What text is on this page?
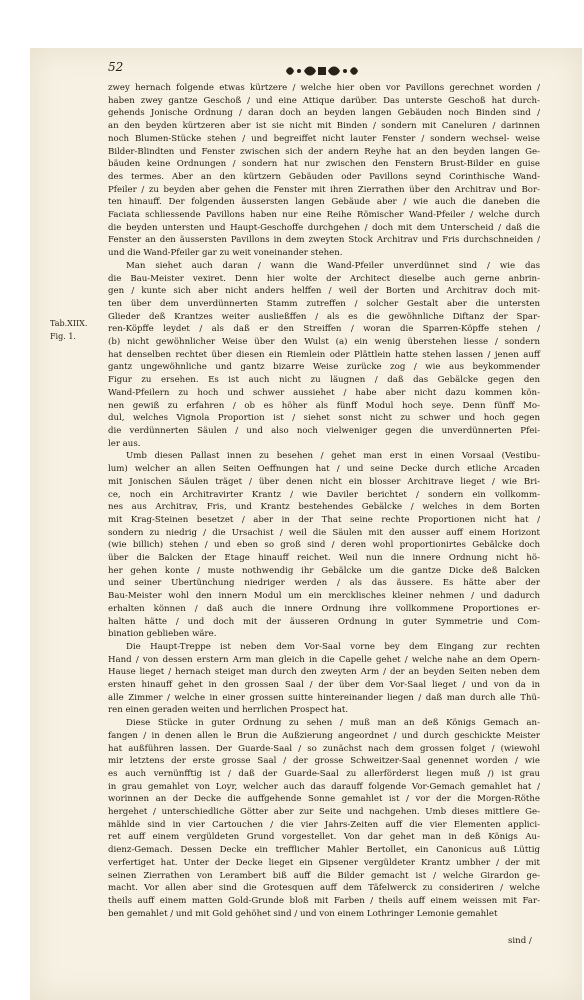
52
Tab.XIIX.
Fig. 1.

zwey hernach folgende etwas kürtzere / welche hier oben vor Pavillons gerechnet worden /

haben zwey gantze Geschoß / und eine Attique darüber. Das unterste Geschoß hat durch-

gehends Jonische Ordnung / daran doch an beyden langen Gebäuden noch Binden sind /

an den beyden kürtzeren aber ist sie nicht mit Binden / sondern mit Caneluren / darinnen

noch Blumen-Stücke stehen / und begreiffet nicht lauter Fenster / sondern wechsel- weise

Bilder-Blindten und Fenster zwischen sich der andern Reyhe hat an den beyden langen Ge-

bäuden keine Ordnungen / sondern hat nur zwischen den Fenstern Brust-Bilder en guise

des termes. Aber an den kürtzern Gebäuden oder Pavillons seynd Corinthische Wand-

Pfeiler / zu beyden aber gehen die Fenster mit ihren Zierrathen über den Architrav und Bor-

ten hinauff. Der folgenden äussersten langen Gebäude aber / wie auch die daneben die

Faciata schliessende Pavillons haben nur eine Reihe Römischer Wand-Pfeiler / welche durch

die beyden untersten und Haupt-Geschoffe durchgehen / doch mit dem Unterscheid / daß die

Fenster an den äussersten Pavillons in dem zweyten Stock Architrav und Fris durchschneiden /

und die Wand-Pfeiler gar zu weit voneinander stehen.

Man siehet auch daran / wann die Wand-Pfeiler unverdünnet sind / wie das

die Bau-Meister vexiret. Denn hier wolte der Architect dieselbe auch gerne anbrin-

gen / kunte sich aber nicht anders helffen / weil der Borten und Architrav doch mit-

ten über dem unverdünnerten Stamm zutreffen / solcher Gestalt aber die untersten

Glieder deß Krantzes weiter ausließffen / als es die gewöhnliche Diftanz der Spar-

ren-Köpffe leydet / als daß er den Streiffen / woran die Sparren-Köpffe stehen /

(b) nicht gewöhnlicher Weise über den Wulst (a) ein wenig überstehen liesse / sondern

hat denselben rechtet über diesen ein Riemlein oder Plättlein hatte stehen lassen / jenen auff

gantz ungewöhnliche und gantz bizarre Weise zurücke zog / wie aus beykommender

Figur zu ersehen. Es ist auch nicht zu läugnen / daß das Gebälcke gegen den

Wand-Pfeilern zu hoch und schwer aussiehet / habe aber nicht dazu kommen kön-

nen gewiß zu erfahren / ob es höher als fünff Modul hoch seye. Denn fünff Mo-

dul, welches Vignola Proportion ist / siehet sonst nicht zu schwer und hoch gegen

die verdünnerten Säulen / und also noch vielweniger gegen die unverdünnerten Pfei-

ler aus.

Umb diesen Pallast innen zu besehen / gehet man erst in einen Vorsaal (Vestibu-

lum) welcher an allen Seiten Oeffnungen hat / und seine Decke durch etliche Arcaden

mit Jonischen Säulen träget / über denen nicht ein blosser Architrave lieget / wie Bri-

ce, noch ein Architravirter Krantz / wie Daviler berichtet / sondern ein vollkomm-

nes aus Architrav, Fris, und Krantz bestehendes Gebälcke / welches in dem Borten

mit Krag-Steinen besetzet / aber in der That seine rechte Proportionen nicht hat /

sondern zu niedrig / die Ursachist / weil die Säulen mit den ausser auff einem Horizont

(wie billich) stehen / und eben so groß sind / deren wohl proportionirtes Gebälcke doch

über die Balcken der Etage hinauff reichet. Weil nun die innere Ordnung nicht hö-

her gehen konte / muste nothwendig ihr Gebälcke um die gantze Dicke deß Balcken

und seiner Ubertünchung niedriger werden / als das äussere. Es hätte aber der

Bau-Meister wohl den innern Modul um ein mercklisches kleiner nehmen / und dadurch

erhalten können / daß auch die innere Ordnung ihre vollkommene Proportiones er-

halten hätte / und doch mit der äusseren Ordnung in guter Symmetrie und Com-

bination geblieben wäre.

Die Haupt-Treppe ist neben dem Vor-Saal vorne bey dem Eingang zur rechten

Hand / von dessen erstern Arm man gleich in die Capelle gehet / welche nahe an dem Opern-

Hause lieget / hernach steiget man durch den zweyten Arm / der an beyden Seiten neben dem

ersten hinauff gehet in den grossen Saal / der über dem Vor-Saal lieget / und von da in

alle Zimmer / welche in einer grossen suitte hintereinander liegen / daß man durch alle Thü-

ren einen geraden weiten und herrlichen Prospect hat.

Diese Stücke in guter Ordnung zu sehen / muß man an deß Königs Gemach an-

fangen / in denen allen le Brun die Außzierung angeordnet / und durch geschickte Meister

hat außführen lassen. Der Guarde-Saal / so zunächst nach dem grossen folget / (wiewohl

mir letztens der erste grosse Saal / der grosse Schweitzer-Saal genennet worden / wie

es auch vernünfftig ist / daß der Guarde-Saal zu allerförderst liegen muß /) ist grau

in grau gemahlet von Loyr, welcher auch das darauff folgende Vor-Gemach gemahlet hat /

worinnen an der Decke die auffgehende Sonne gemahlet ist / vor der die Morgen-Röthe

hergehet / unterschiedliche Götter aber zur Seite und nachgehen. Umb dieses mittlere Ge-

mählde sind in vier Cartouchen / die vier Jahrs-Zeiten auff die vier Elementen applici-

ret auff einem vergüldeten Grund vorgestellet. Von dar gehet man in deß Königs Au-

dienz-Gemach. Dessen Decke ein trefflicher Mahler Bertollet, ein Canonicus auß Lüttig

verfertiget hat. Unter der Decke lieget ein Gipsener vergüldeter Krantz umbher / der mit

seinen Zierrathen von Lerambert biß auff die Bilder gemacht ist / welche Girardon ge-

macht. Vor allen aber sind die Grotesquen auff dem Täfelwerck zu consideriren / welche

theils auff einem matten Gold-Grunde bloß mit Farben / theils auff einem weissen mit Far-

ben gemahlet / und mit Gold gehöhet sind / und von einem Lothringer Lemonie gemahlet

sind /
